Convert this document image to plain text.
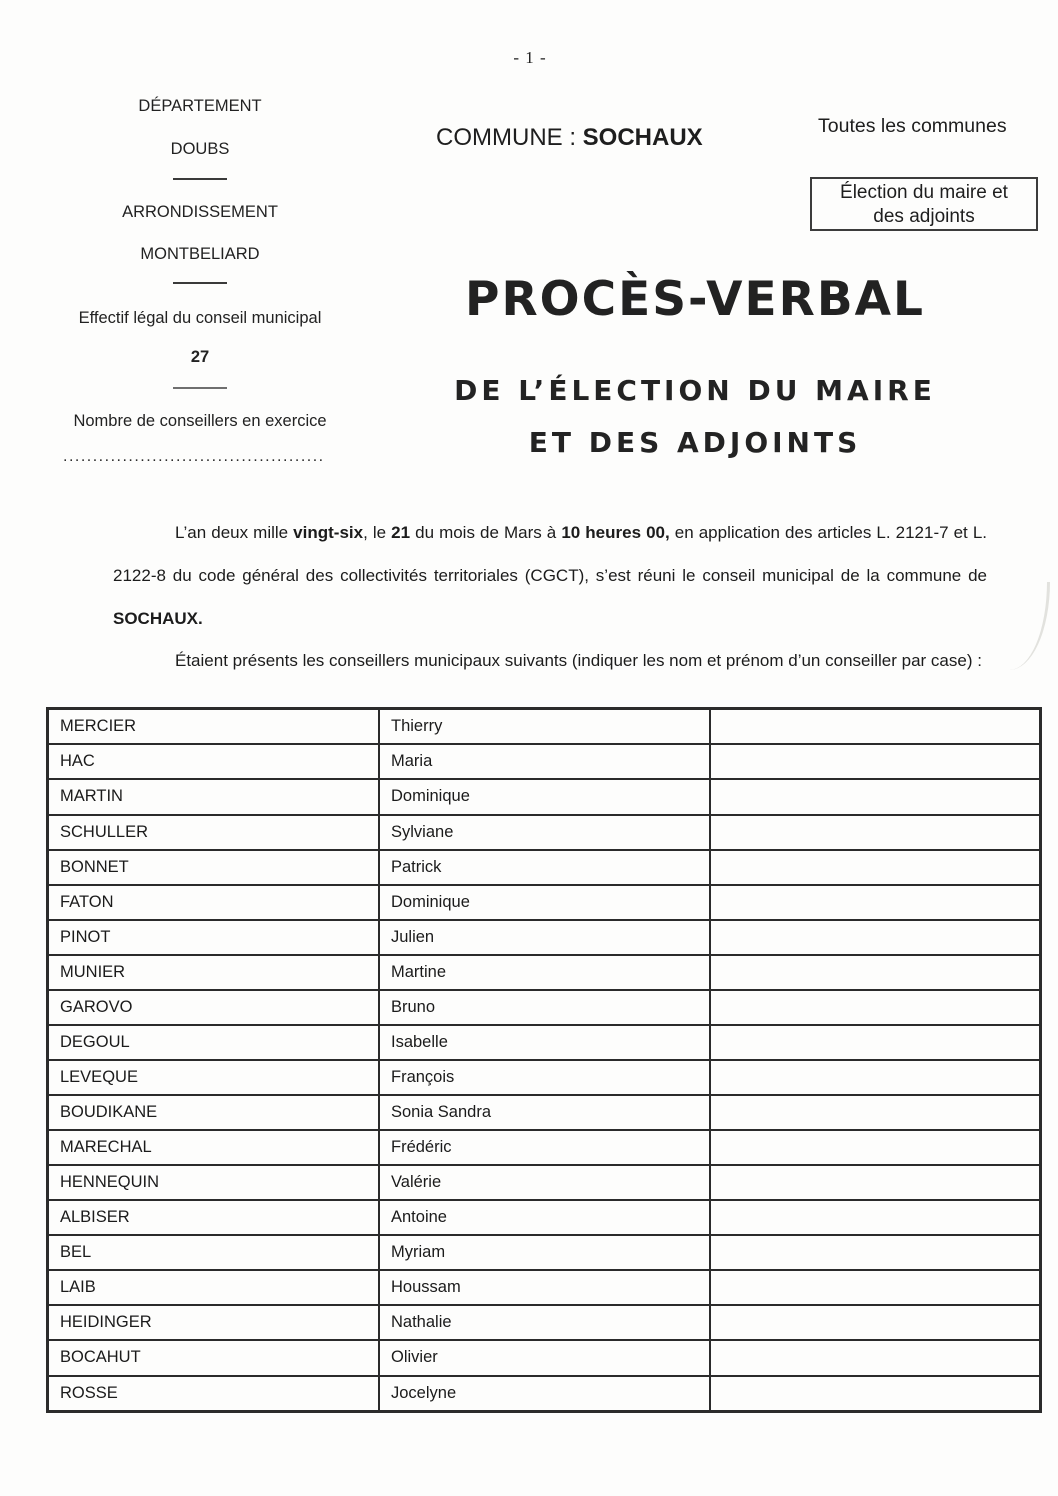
- 1 -
DÉPARTEMENT
DOUBS
ARRONDISSEMENT
MONTBELIARD
Effectif légal du conseil municipal
27
Nombre de conseillers en exercice
............................................
COMMUNE : SOCHAUX	Toutes les communes
Élection du maire et
des adjoints
PROCÈS-VERBAL
DE L’ÉLECTION DU MAIRE
ET DES ADJOINTS

L’an deux mille vingt-six, le 21 du mois de Mars à 10 heures 00, en application des articles L. 2121-7 et L. 2122-8 du code général des collectivités territoriales (CGCT), s’est réuni le conseil municipal de la commune de SOCHAUX.

Étaient présents les conseillers municipaux suivants (indiquer les nom et prénom d’un conseiller par case) :

MERCIER	Thierry	
HAC	Maria	
MARTIN	Dominique	
SCHULLER	Sylviane	
BONNET	Patrick	
FATON	Dominique	
PINOT	Julien	
MUNIER	Martine	
GAROVO	Bruno	
DEGOUL	Isabelle	
LEVEQUE	François	
BOUDIKANE	Sonia Sandra	
MARECHAL	Frédéric	
HENNEQUIN	Valérie	
ALBISER	Antoine	
BEL	Myriam	
LAIB	Houssam	
HEIDINGER	Nathalie	
BOCAHUT	Olivier	
ROSSE	Jocelyne	
